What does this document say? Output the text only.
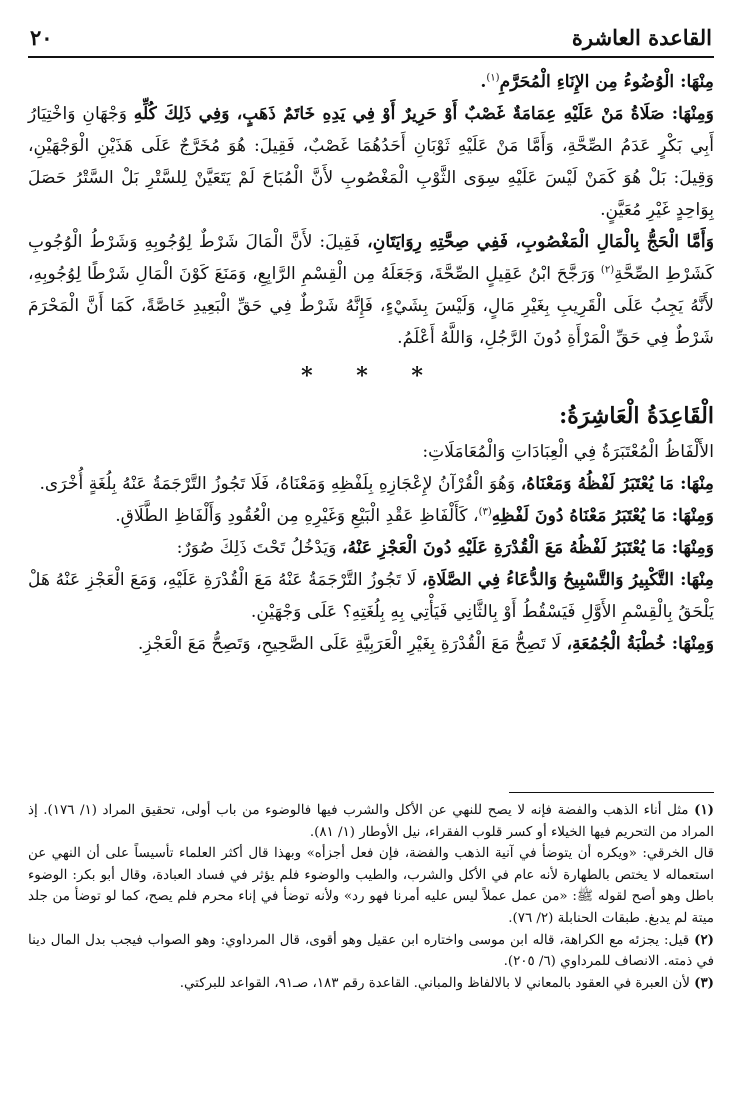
القاعدة العاشرة
٢٠

مِنْهَا: الْوُضُوءُ مِن الإِنَاءِ الْمُحَرَّمِ$^{(١)}$.

وَمِنْهَا: صَلَاةُ مَنْ عَلَيْهِ عِمَامَةٌ غَصْبٌ أَوْ حَرِيرٌ أَوْ فِي يَدِهِ خَاتَمٌ ذَهَبٍ، وَفِي ذَلِكَ كُلِّهِ وَجْهَانِ وَاخْتِيَارُ أَبِي بَكْرٍ عَدَمُ الصِّحَّةِ، وَأَمَّا مَنْ عَلَيْهِ ثَوْبَانِ أَحَدُهُمَا غَصْبٌ، فَقِيلَ: هُوَ مُخَرَّجٌ عَلَى هَذَيْنِ الْوَجْهَيْنِ، وَقِيلَ: بَلْ هُوَ كَمَنْ لَيْسَ عَلَيْهِ سِوَى الثَّوْبِ الْمَغْصُوبِ لأَنَّ الْمُبَاحَ لَمْ يَتَعَيَّنْ لِلسَّتْرِ بَلْ السَّتْرُ حَصَلَ بِوَاحِدٍ غَيْرِ مُعَيَّنٍ.

وَأَمَّا الْحَجُّ بِالْمَالِ الْمَغْصُوبِ، فَفِي صِحَّتِهِ رِوَايَتَانِ، فَقِيلَ: لأَنَّ الْمَالَ شَرْطٌ لِوُجُوبِهِ وَشَرْطُ الْوُجُوبِ كَشَرْطِ الصِّحَّةِ$^{(٢)}$ وَرَجَّحَ ابْنُ عَقِيلٍ الصِّحَّةَ، وَجَعَلَهُ مِن الْقِسْمِ الرَّابِعِ، وَمَنَعَ كَوْنَ الْمَالِ شَرْطًا لِوُجُوبِهِ، لأَنَّهُ يَجِبُ عَلَى الْقَرِيبِ بِغَيْرِ مَالٍ، وَلَيْسَ بِشَيْءٍ، فَإِنَّهُ شَرْطٌ فِي حَقِّ الْبَعِيدِ خَاصَّةً، كَمَا أَنَّ الْمَحْرَمَ شَرْطٌ فِي حَقِّ الْمَرْأَةِ دُونَ الرَّجُلِ، وَاللَّهُ أَعْلَمُ.

* * *
الْقَاعِدَةُ الْعَاشِرَةُ:

الأَلْفَاظُ الْمُعْتَبَرَةُ فِي الْعِبَادَاتِ وَالْمُعَامَلَاتِ:

مِنْهَا: مَا يُعْتَبَرُ لَفْظُهُ وَمَعْنَاهُ، وَهُوَ الْقُرْآنُ لإِعْجَازِهِ بِلَفْظِهِ وَمَعْنَاهُ، فَلَا تَجُوزُ التَّرْجَمَةُ عَنْهُ بِلُغَةٍ أُخْرَى.

وَمِنْهَا: مَا يُعْتَبَرُ مَعْنَاهُ دُونَ لَفْظِهِ$^{(٣)}$، كَأَلْفَاظِ عَقْدِ الْبَيْعِ وَغَيْرِهِ مِن الْعُقُودِ وَأَلْفَاظِ الطَّلَاقِ.

وَمِنْهَا: مَا يُعْتَبَرُ لَفْظُهُ مَعَ الْقُدْرَةِ عَلَيْهِ دُونَ الْعَجْزِ عَنْهُ، وَيَدْخُلُ تَحْتَ ذَلِكَ صُوَرٌ:

مِنْهَا: التَّكْبِيرُ وَالتَّسْبِيحُ وَالدُّعَاءُ فِي الصَّلَاةِ، لَا تَجُوزُ التَّرْجَمَةُ عَنْهُ مَعَ الْقُدْرَةِ عَلَيْهِ، وَمَعَ الْعَجْزِ عَنْهُ هَلْ يَلْحَقُ بِالْقِسْمِ الأَوَّلِ فَيَسْقُطُ أَوْ بِالثَّانِي فَيَأْتِي بِهِ بِلُغَتِهِ؟ عَلَى وَجْهَيْنِ.

وَمِنْهَا: خُطْبَةُ الْجُمُعَةِ، لَا تَصِحُّ مَعَ الْقُدْرَةِ بِغَيْرِ الْعَرَبِيَّةِ عَلَى الصَّحِيحِ، وَتَصِحُّ مَعَ الْعَجْزِ.

(١) مثل أناء الذهب والفضة فإنه لا يصح للنهي عن الأكل والشرب فيها فالوضوء من باب أولى، تحقيق المراد (١/ ١٧٦). إذ المراد من التحريم فيها الخيلاء أو كسر قلوب الفقراء، نيل الأوطار (١/ ٨١).

قال الخرقي: «ويكره أن يتوضأ في آنية الذهب والفضة، فإن فعل أجزأه» وبهذا قال أكثر العلماء تأسيساً على أن النهي عن استعماله لا يختص بالطهارة لأنه عام في الأكل والشرب، والطيب والوضوء فلم يؤثر في فساد العبادة، وقال أبو بكر: الوضوء باطل وهو أصح لقوله ﷺ: «من عمل عملاً ليس عليه أمرنا فهو رد» ولأنه توضأ في إناء محرم فلم يصح، كما لو توضأ من جلد ميتة لم يدبغ. طبقات الحنابلة (٢/ ٧٦).

(٢) قيل: يجزئه مع الكراهة، قاله ابن موسى واختاره ابن عقيل وهو أقوى، قال المرداوي: وهو الصواب فيجب بدل المال دينا في ذمته. الانصاف للمرداوي (٦/ ٢٠٥).

(٣) لأن العبرة في العقود بالمعاني لا بالالفاظ والمباني. القاعدة رقم ١٨٣، صـ٩١، القواعد للبركتي.
